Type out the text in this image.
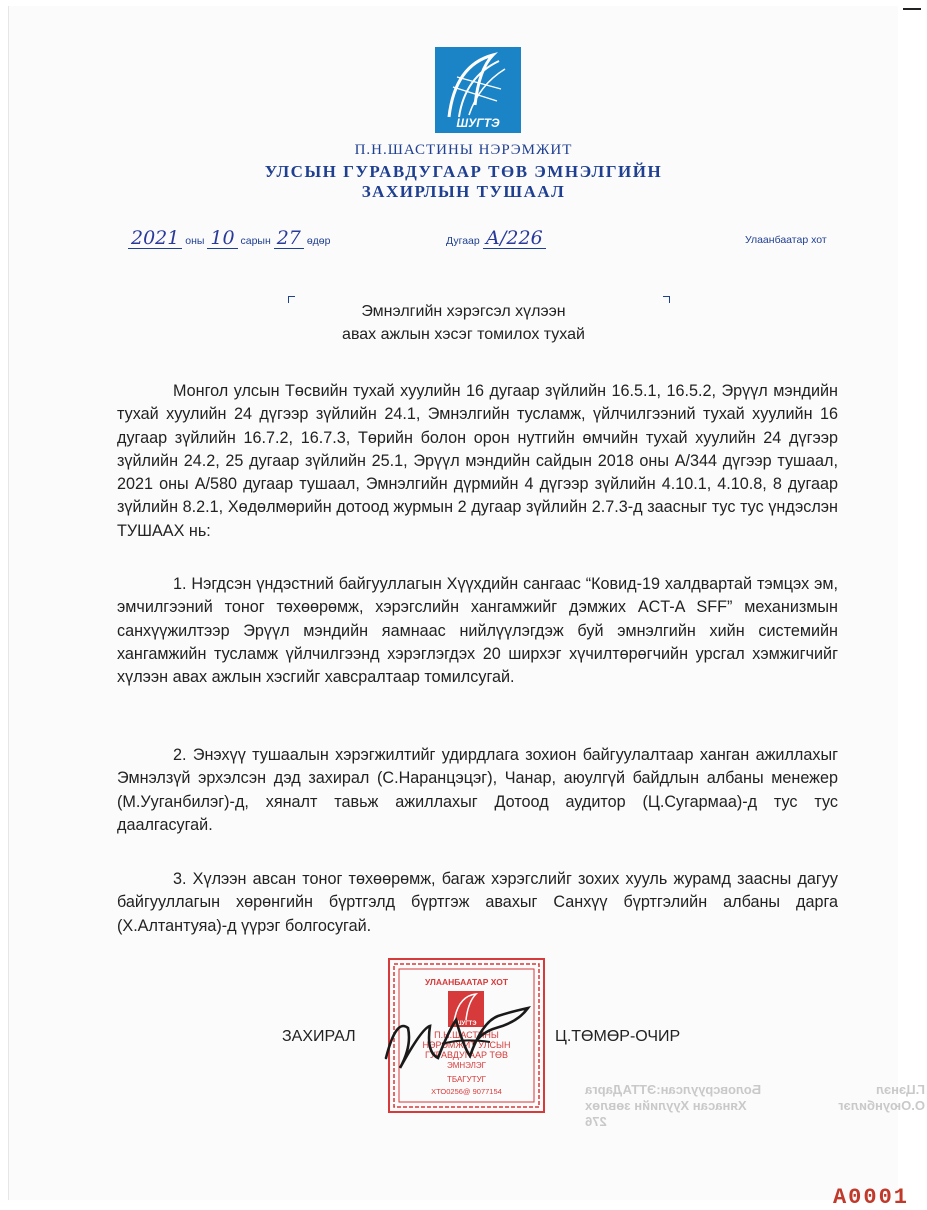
ШУГТЭ
П.Н.ШАСТИНЫ НЭРЭМЖИТ
УЛСЫН ГУРАВДУГААР ТӨВ ЭМНЭЛГИЙН
ЗАХИРЛЫН ТУШААЛ
2021 оны 10 сарын 27 өдөр	Дугаар А/226	Улаанбаатар хот
Эмнэлгийн хэрэгсэл хүлээн
авах ажлын хэсэг томилох тухай

Монгол улсын Төсвийн тухай хуулийн 16 дугаар зүйлийн 16.5.1, 16.5.2, Эрүүл мэндийн тухай хуулийн 24 дүгээр зүйлийн 24.1, Эмнэлгийн тусламж, үйлчилгээний тухай хуулийн 16 дугаар зүйлийн 16.7.2, 16.7.3, Төрийн болон орон нутгийн өмчийн тухай хуулийн 24 дүгээр зүйлийн 24.2, 25 дугаар зүйлийн 25.1, Эрүүл мэндийн сайдын 2018 оны А/344 дүгээр тушаал, 2021 оны А/580 дугаар тушаал, Эмнэлгийн дүрмийн 4 дүгээр зүйлийн 4.10.1, 4.10.8, 8 дугаар зүйлийн 8.2.1, Хөдөлмөрийн дотоод журмын 2 дугаар зүйлийн 2.7.3-д заасныг тус тус үндэслэн ТУШААХ нь:

1. Нэгдсэн үндэстний байгууллагын Хүүхдийн сангаас “Ковид-19 халдвартай тэмцэх эм, эмчилгээний тоног төхөөрөмж, хэрэгслийн хангамжийг дэмжих ACT-A SFF” механизмын санхүүжилтээр Эрүүл мэндийн яамнаас нийлүүлэгдэж буй эмнэлгийн хийн системийн хангамжийн тусламж үйлчилгээнд хэрэглэгдэх 20 ширхэг хүчилтөрөгчийн урсгал хэмжигчийг хүлээн авах ажлын хэсгийг хавсралтаар томилсугай.

2. Энэхүү тушаалын хэрэгжилтийг удирдлага зохион байгуулалтаар ханган ажиллахыг Эмнэлзүй эрхэлсэн дэд захирал (С.Наранцэцэг), Чанар, аюулгүй байдлын албаны менежер (М.Ууганбилэг)-д, хяналт тавьж ажиллахыг Дотоод аудитор (Ц.Сугармаа)-д тус тус даалгасугай.

3. Хүлээн авсан тоног төхөөрөмж, багаж хэрэгслийг зохих хууль журамд заасны дагуу байгууллагын хөрөнгийн бүртгэлд бүртгэж авахыг Санхүү бүртгэлийн албаны дарга (Х.Алтантуяа)-д үүрэг болгосугай.

Боловсруулсан:ЭТТАДарга
Хянасан Хуулийн зөвлөх
276
Г.Цэнэл
О.Оюунбилэг
УЛААНБААТАР ХОТ
ШУГТЭ
П.Н.ШАСТИНЫ
НЭРЭМЖИТ УЛСЫН
ГУРАВДУГААР ТӨВ
ЭМНЭЛЭГ
ТБАГУТУГ
ХТО0256@ 9077154
ЗАХИРАЛ	Ц.ТӨМӨР-ОЧИР
A0001
